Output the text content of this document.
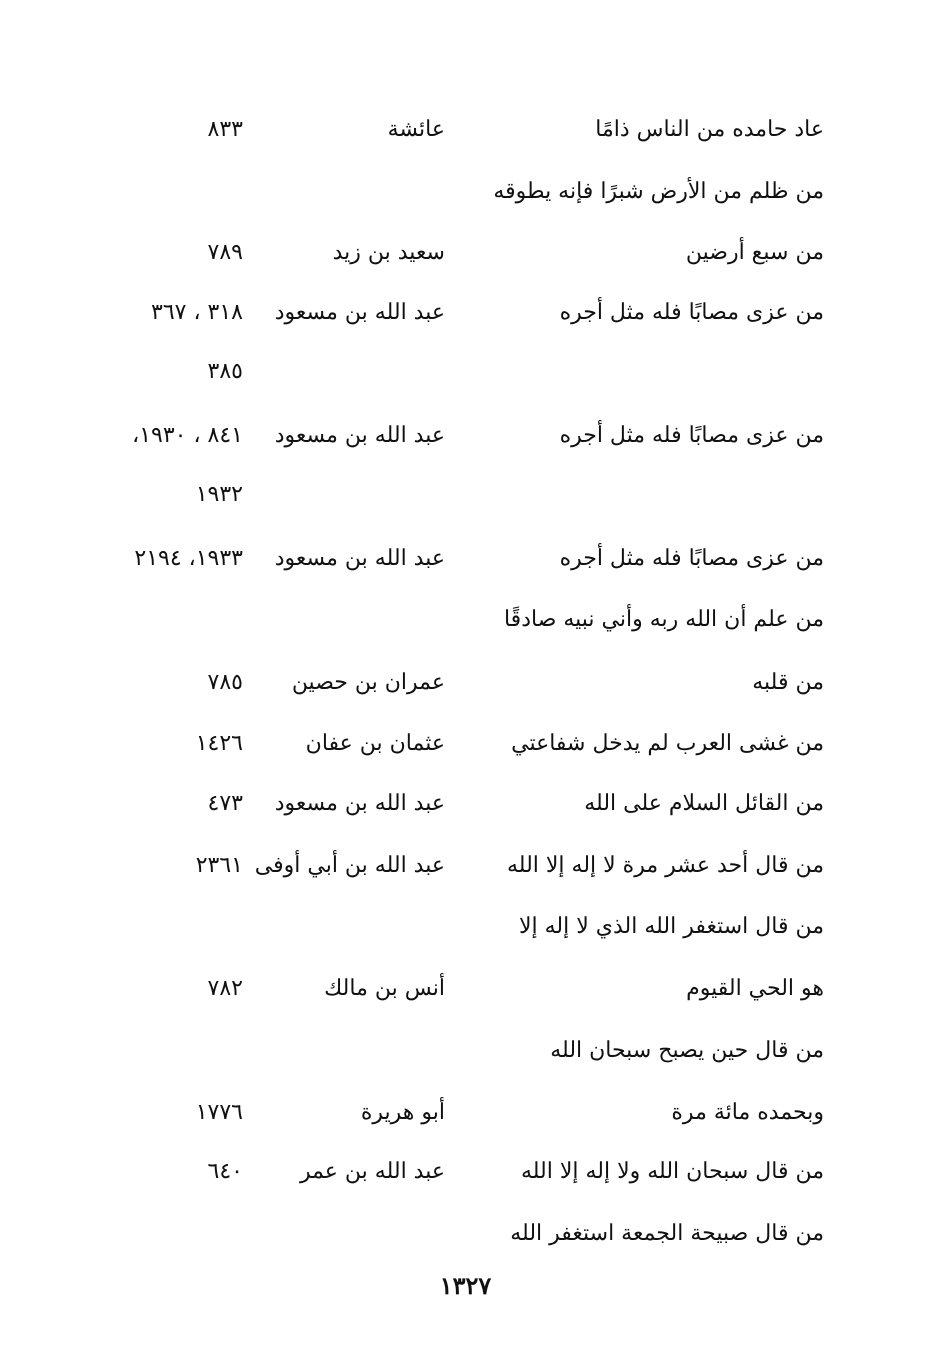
عاد حامده من الناس ذامًا
عائشة
٨٣٣
من ظلم من الأرض شبرًا فإنه يطوقه
من سبع أرضين
سعيد بن زيد
٧٨٩
من عزى مصابًا فله مثل أجره
عبد الله بن مسعود
٣١٨ ، ٣٦٧
٣٨٥
من عزى مصابًا فله مثل أجره
عبد الله بن مسعود
٨٤١ ، ١٩٣٠،
١٩٣٢
من عزى مصابًا فله مثل أجره
عبد الله بن مسعود
١٩٣٣، ٢١٩٤
من علم أن الله ربه وأني نبيه صادقًا
من قلبه
عمران بن حصين
٧٨٥
من غشى العرب لم يدخل شفاعتي
عثمان بن عفان
١٤٢٦
من القائل السلام على الله
عبد الله بن مسعود
٤٧٣
من قال أحد عشر مرة لا إله إلا الله
عبد الله بن أبي أوفى
٢٣٦١
من قال استغفر الله الذي لا إله إلا
هو الحي القيوم
أنس بن مالك
٧٨٢
من قال حين يصبح سبحان الله
وبحمده مائة مرة
أبو هريرة
١٧٧٦
من قال سبحان الله ولا إله إلا الله
عبد الله بن عمر
٦٤٠
من قال صبيحة الجمعة استغفر الله
١٣٢٧
